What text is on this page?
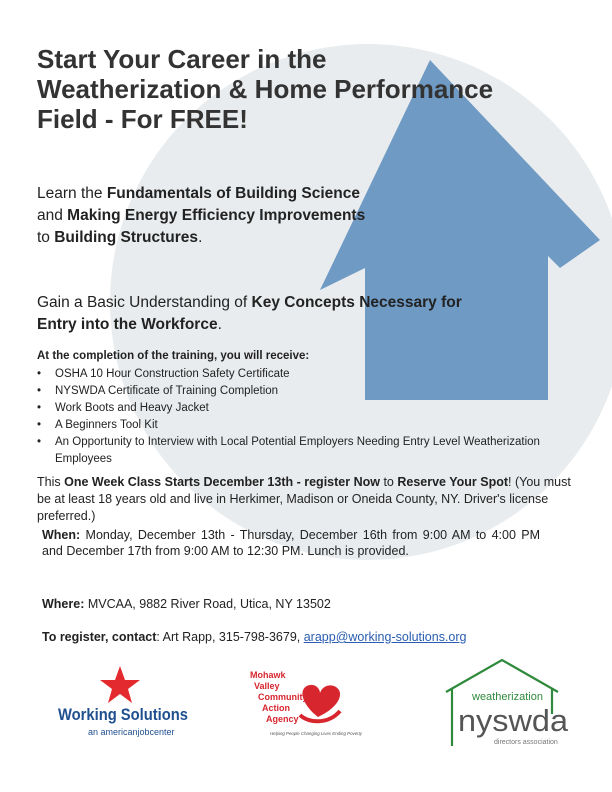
Start Your Career in the Weatherization & Home Performance Field - For FREE!

Learn the Fundamentals of Building Science and Making Energy Efficiency Improvements to Building Structures.

Gain a Basic Understanding of Key Concepts Necessary for Entry into the Workforce.

At the completion of the training, you will receive:

• OSHA 10 Hour Construction Safety Certificate
• NYSWDA Certificate of Training Completion
• Work Boots and Heavy Jacket
• A Beginners Tool Kit
• An Opportunity to Interview with Local Potential Employers Needing Entry Level Weatherization Employees

This One Week Class Starts December 13th - register Now to Reserve Your Spot! (You must be at least 18 years old and live in Herkimer, Madison or Oneida County, NY. Driver's license preferred.)

When: Monday, December 13th - Thursday, December 16th from 9:00 AM to 4:00 PM and December 17th from 9:00 AM to 12:30 PM. Lunch is provided.

Where: MVCAA, 9882 River Road, Utica, NY 13502

To register, contact: Art Rapp, 315-798-3679, arapp@working-solutions.org

Working Solutions
an americanjobcenter
Mohawk
Valley
Community
Action
Agency
Helping People Changing Lives Ending Poverty
weatherization
nyswda
directors association
